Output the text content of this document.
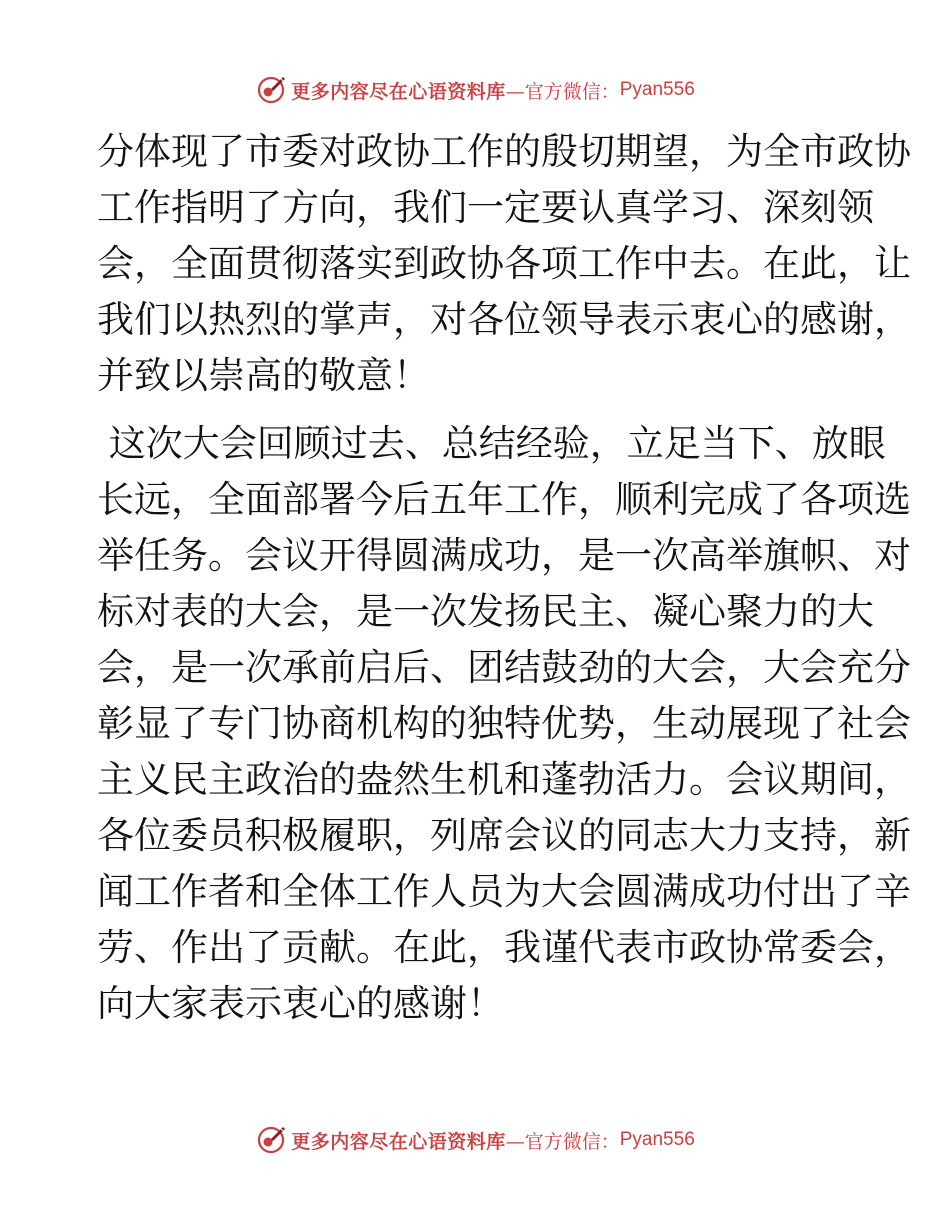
更多内容尽在心语资料库 —官方微信： Pyan556
分体现了市委对政协工作的殷切期望，为全市政协
工作指明了方向，我们一定要认真学习、深刻领
会，全面贯彻落实到政协各项工作中去。在此，让
我们以热烈的掌声，对各位领导表示衷心的感谢，
并致以崇高的敬意！
这次大会回顾过去、总结经验，立足当下、放眼
长远，全面部署今后五年工作，顺利完成了各项选
举任务。会议开得圆满成功，是一次高举旗帜、对
标对表的大会，是一次发扬民主、凝心聚力的大
会，是一次承前启后、团结鼓劲的大会，大会充分
彰显了专门协商机构的独特优势，生动展现了社会
主义民主政治的盎然生机和蓬勃活力。会议期间，
各位委员积极履职，列席会议的同志大力支持，新
闻工作者和全体工作人员为大会圆满成功付出了辛
劳、作出了贡献。在此，我谨代表市政协常委会，
向大家表示衷心的感谢！
更多内容尽在心语资料库 —官方微信： Pyan556
